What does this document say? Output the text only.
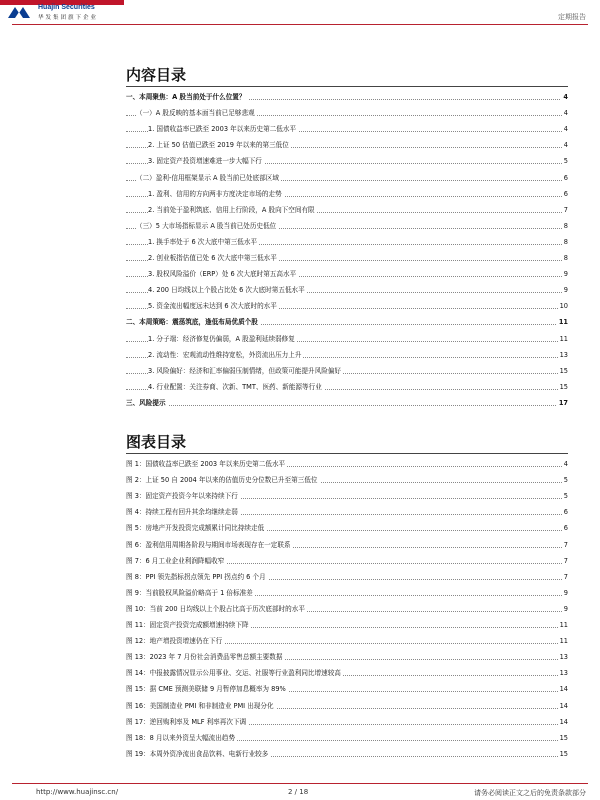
Huajin Securities
华发集团旗下企业	定期报告
内容目录
一、本周聚焦：A 股当前处于什么位置？	4
（一）A 股反映的基本面当前已足够悲观	4
1. 国债收益率已跌至 2003 年以来历史第二低水平	4
2. 上证 50 估值已跌至 2019 年以来的第三低位	4
3. 固定资产投资增速难进一步大幅下行	5
（二）盈利-信用框架显示 A 股当前已处底部区域	6
1. 盈利、信用的方向两非方度决定市场的走势	6
2. 当前处于盈利筑底、信用上行阶段，A 股向下空间有限	7
（三）5 大市场指标显示 A 股当前已处历史低位	8
1. 换手率处于 6 次大底中第三低水平	8
2. 创业板指估值已处 6 次大底中第三低水平	8
3. 股权风险溢价（ERP）处 6 次大底时第五高水平	9
4. 200 日均线以上个股占比处 6 次大底时第五低水平	9
5. 资金流出幅度远未达到 6 次大底时的水平	10
二、本周策略：震荡筑底，逢低布局优质个股	11
1. 分子端：经济修复仍偏弱，A 股盈利延续弱修复	11
2. 流动性：宏观流动性维持宽松，外资流出压力上升	13
3. 风险偏好：经济和汇率偏弱压制情绪，但政策可能提升风险偏好	15
4. 行业配置：关注券商、次新、TMT、医药、新能源等行业	15
三、风险提示	17
图表目录
图 1：国债收益率已跌至 2003 年以来历史第二低水平	4
图 2：上证 50 自 2004 年以来的估值历史分位数已升至第三低位	5
图 3：固定资产投资今年以来持续下行	5
图 4：持续工程有回升其余均继续走弱	6
图 5：房地产开发投资完成额累计同比持续走低	6
图 6：盈利信用周期各阶段与期间市场表现存在一定联系	7
图 7：6 月工业企业利润降幅收窄	7
图 8：PPI 领先指标拐点领先 PPI 拐点约 6 个月	7
图 9：当前股权风险溢价略高于 1 倍标准差	9
图 10：当前 200 日均线以上个股占比高于历次底部时的水平	9
图 11：固定资产投资完成额增速持续下降	11
图 12：地产增投资增速仍在下行	11
图 13：2023 年 7 月份社会消费品零售总额主要数据	13
图 14：中报披露情况显示公用事业、交运、社服等行业盈利同比增速较高	13
图 15：据 CME 预测美联储 9 月暂停加息概率为 89%	14
图 16：美国制造业 PMI 和非制造业 PMI 出现分化	14
图 17：逆回购利率及 MLF 利率再次下调	14
图 18：8 月以来外资呈大幅流出趋势	15
图 19：本周外资净流出食品饮料、电新行业较多	15
http://www.huajinsc.cn/	2 / 18	请务必阅读正文之后的免责条款部分
